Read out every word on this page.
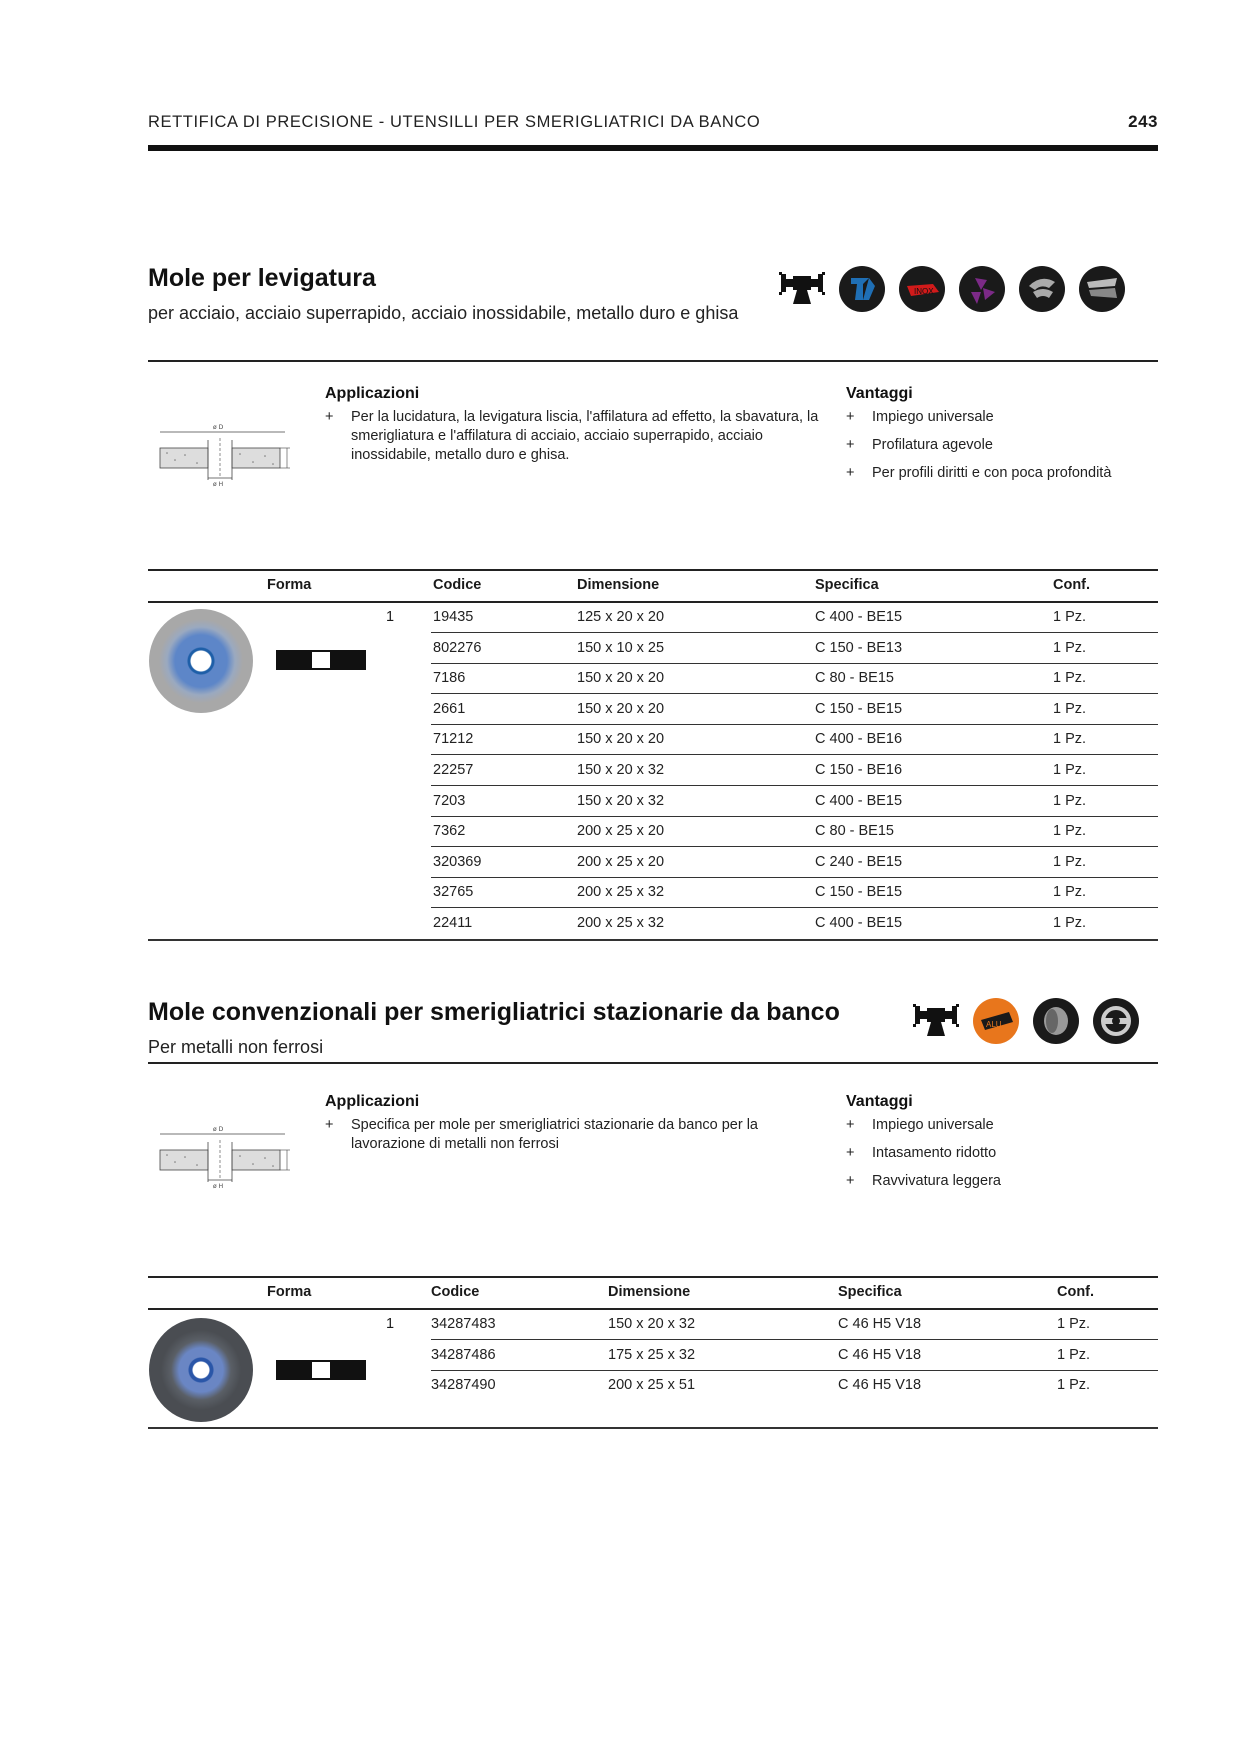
RETTIFICA DI PRECISIONE - UTENSILLI PER SMERIGLIATRICI DA BANCO	243
Mole per levigatura
per acciaio, acciaio superrapido, acciaio inossidabile, metallo duro e ghisa
INOX
ø D
ø H
Applicazioni
+ Per la lucidatura, la levigatura liscia, l'affilatura ad effetto, la sbavatura, la smerigliatura e l'affilatura di acciaio, acciaio superrapido, acciaio inossidabile, metallo duro e ghisa.
Vantaggi
+ Impiego universale
+ Profilatura agevole
+ Per profili diritti e con poca profondità
Forma	Codice	Dimensione	Specifica	Conf.
1	19435	125 x 20 x 20	C 400 - BE15	1 Pz.
802276	150 x 10 x 25	C 150 - BE13	1 Pz.
7186	150 x 20 x 20	C 80 - BE15	1 Pz.
2661	150 x 20 x 20	C 150 - BE15	1 Pz.
71212	150 x 20 x 20	C 400 - BE16	1 Pz.
22257	150 x 20 x 32	C 150 - BE16	1 Pz.
7203	150 x 20 x 32	C 400 - BE15	1 Pz.
7362	200 x 25 x 20	C 80 - BE15	1 Pz.
320369	200 x 25 x 20	C 240 - BE15	1 Pz.
32765	200 x 25 x 32	C 150 - BE15	1 Pz.
22411	200 x 25 x 32	C 400 - BE15	1 Pz.
Mole convenzionali per smerigliatrici stazionarie da banco
Per metalli non ferrosi
ALU
ø D
ø H
Applicazioni
+ Specifica per mole per smerigliatrici stazionarie da banco per la lavorazione di metalli non ferrosi
Vantaggi
+ Impiego universale
+ Intasamento ridotto
+ Ravvivatura leggera
Forma	Codice	Dimensione	Specifica	Conf.
1	34287483	150 x 20 x 32	C 46 H5 V18	1 Pz.
34287486	175 x 25 x 32	C 46 H5 V18	1 Pz.
34287490	200 x 25 x 51	C 46 H5 V18	1 Pz.
